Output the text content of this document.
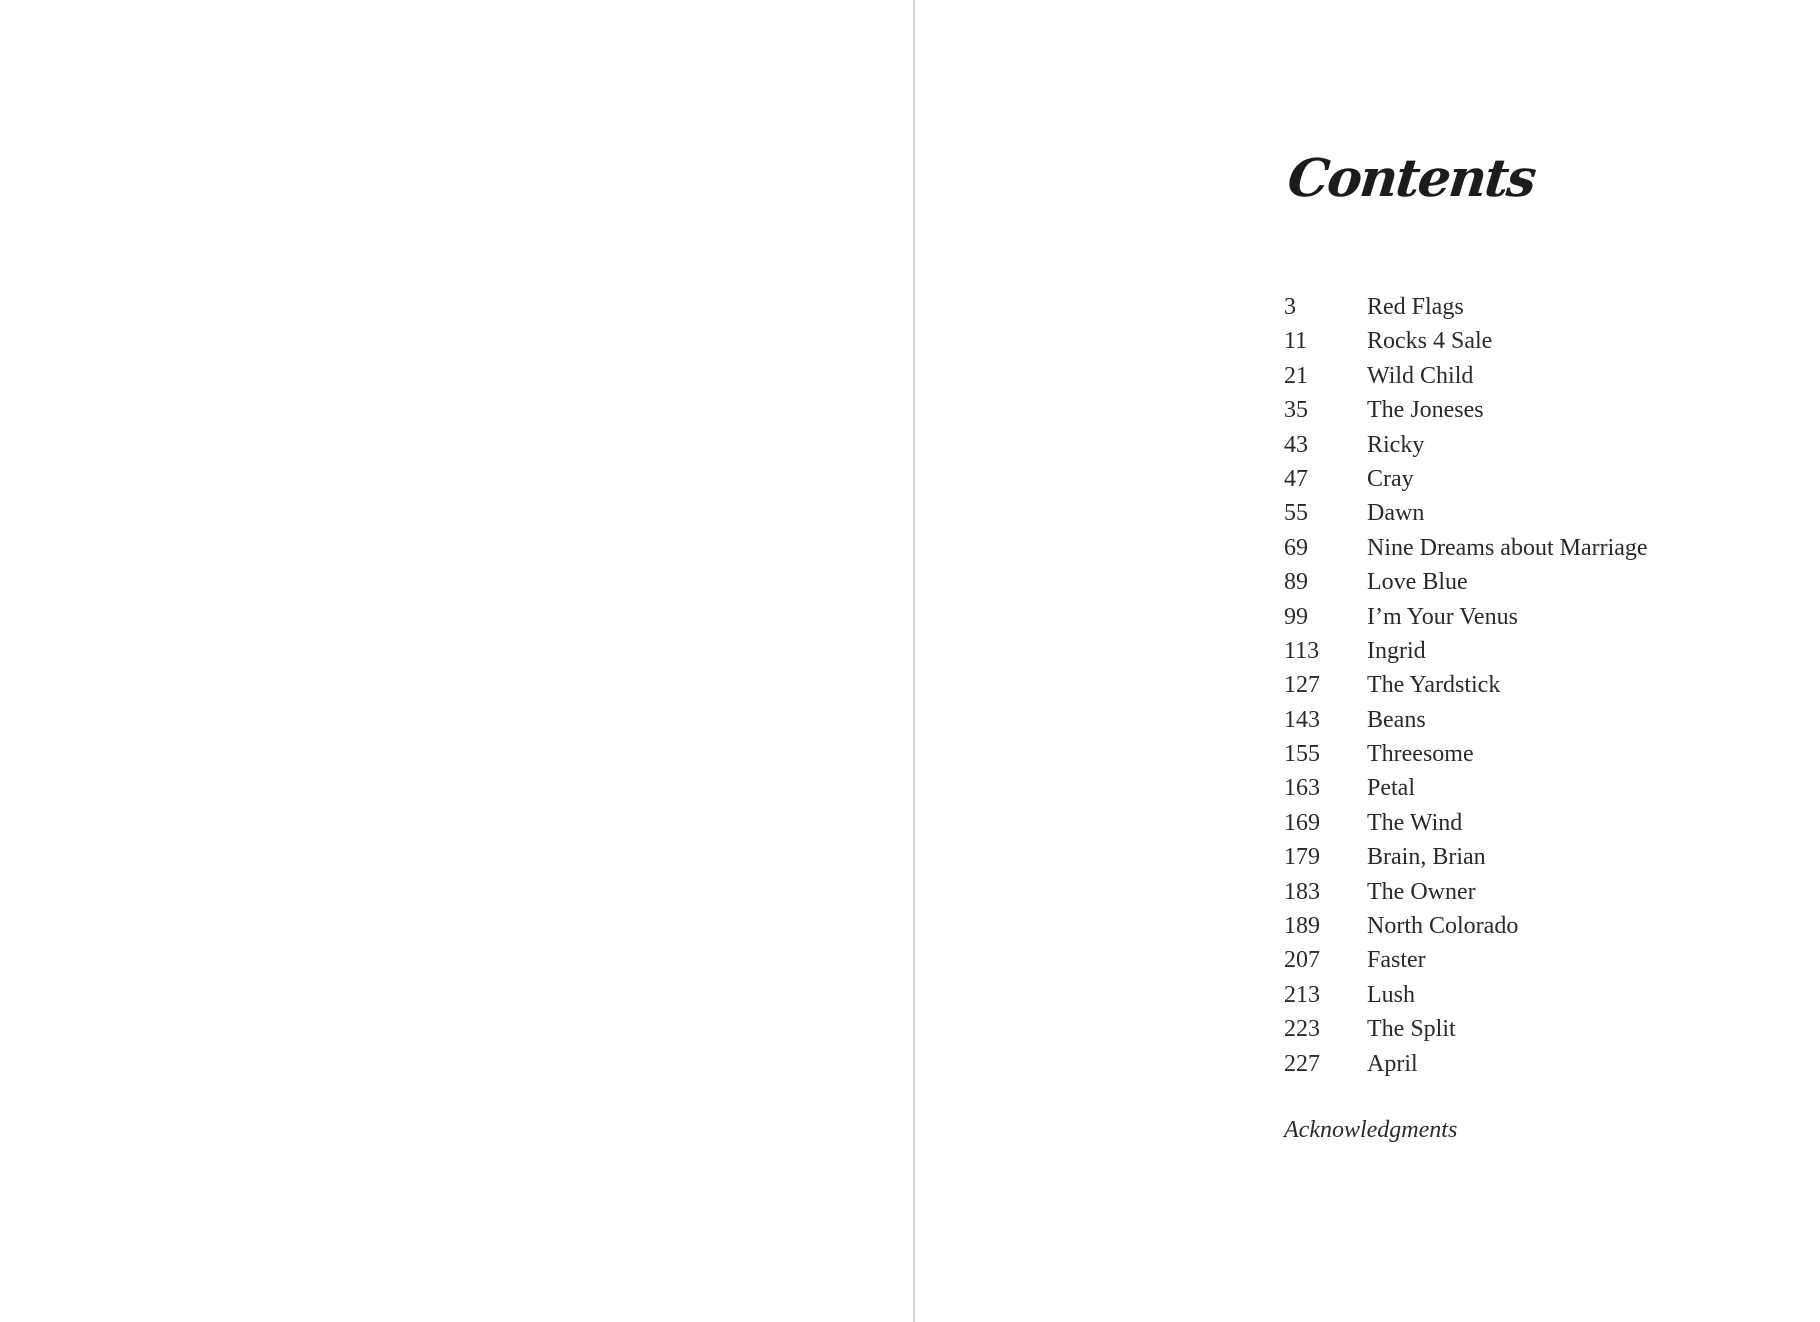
Contents
3	Red Flags
11	Rocks 4 Sale
21	Wild Child
35	The Joneses
43	Ricky
47	Cray
55	Dawn
69	Nine Dreams about Marriage
89	Love Blue
99	I’m Your Venus
113	Ingrid
127	The Yardstick
143	Beans
155	Threesome
163	Petal
169	The Wind
179	Brain, Brian
183	The Owner
189	North Colorado
207	Faster
213	Lush
223	The Split
227	April
Acknowledgments
